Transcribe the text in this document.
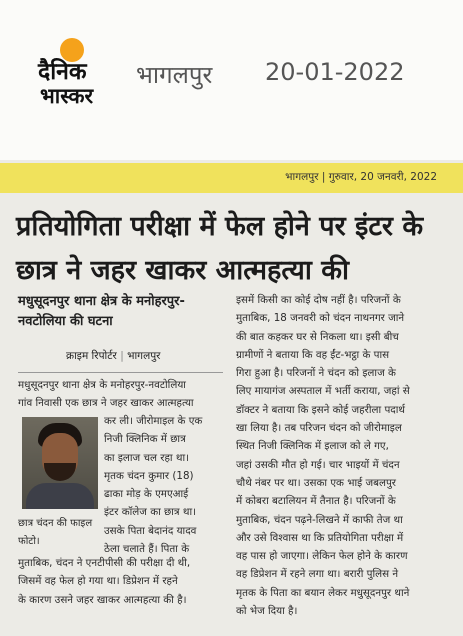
दैनिक
भास्कर
भागलपुर 20-01-2022
भागलपुर | गुरुवार, 20 जनवरी, 2022
प्रतियोगिता परीक्षा में फेल होने पर इंटर के छात्र ने जहर खाकर आत्महत्या की
मधुसूदनपुर थाना क्षेत्र के मनोहरपुर-नवटोलिया की घटना
क्राइम रिपोर्टर | भागलपुर
मधुसूदनपुर थाना क्षेत्र के मनोहरपुर-नवटोलिया
गांव निवासी एक छात्र ने जहर खाकर आत्महत्या
कर ली। जीरोमाइल के एक
निजी क्लिनिक में छात्र
का इलाज चल रहा था।
मृतक चंदन कुमार (18)
ढाका मोड़ के एमएआई
इंटर कॉलेज का छात्र था।
उसके पिता बेदानंद यादव
ठेला चलाते हैं। पिता के
छात्र चंदन की फाइल फोटो।
मुताबिक, चंदन ने एनटीपीसी की परीक्षा दी थी,
जिसमें वह फेल हो गया था। डिप्रेशन में रहने
के कारण उसने जहर खाकर आत्महत्या की है।
इसमें किसी का कोई दोष नहीं है। परिजनों के
मुताबिक, 18 जनवरी को चंदन नाथनगर जाने
की बात कहकर घर से निकला था। इसी बीच
ग्रामीणों ने बताया कि वह ईंट-भट्ठा के पास
गिरा हुआ है। परिजनों ने चंदन को इलाज के
लिए मायागंज अस्पताल में भर्ती कराया, जहां से
डॉक्टर ने बताया कि इसने कोई जहरीला पदार्थ
खा लिया है। तब परिजन चंदन को जीरोमाइल
स्थित निजी क्लिनिक में इलाज को ले गए,
जहां उसकी मौत हो गई। चार भाइयों में चंदन
चौथे नंबर पर था। उसका एक भाई जबलपुर
में कोबरा बटालियन में तैनात है। परिजनों के
मुताबिक, चंदन पढ़ने-लिखने में काफी तेज था
और उसे विश्वास था कि प्रतियोगिता परीक्षा में
वह पास हो जाएगा। लेकिन फेल होने के कारण
वह डिप्रेशन में रहने लगा था। बरारी पुलिस ने
मृतक के पिता का बयान लेकर मधुसूदनपुर थाने
को भेज दिया है।
